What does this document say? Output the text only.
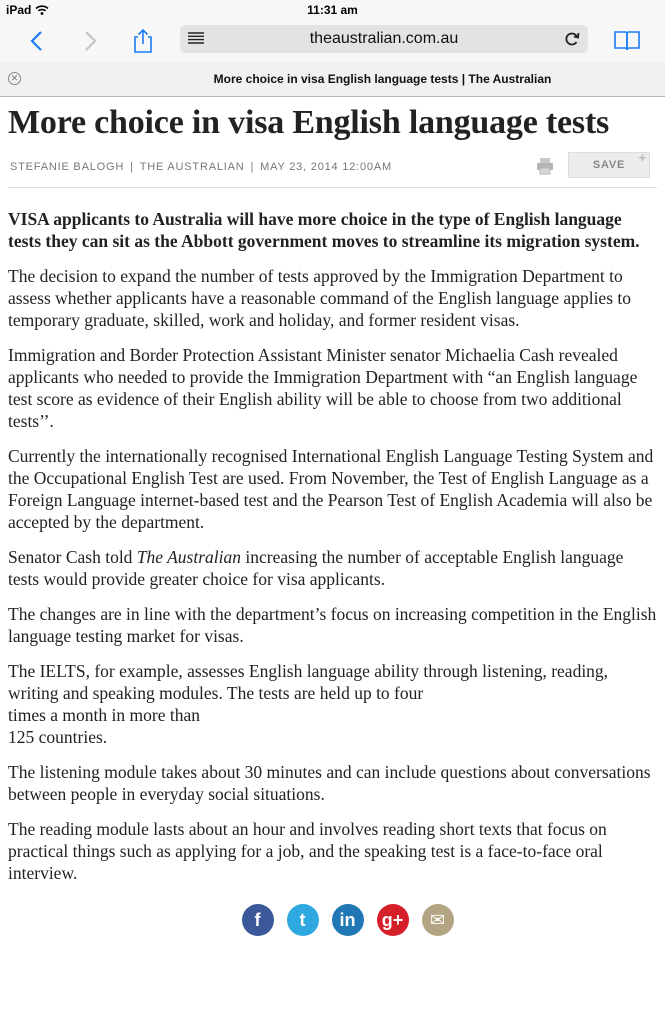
iPad	11:31 am
theaustralian.com.au
✕	More choice in visa English language tests | The Australian
More choice in visa English language tests
STEFANIE BALOGH | THE AUSTRALIAN | MAY 23, 2014 12:00AM	SAVE +

VISA applicants to Australia will have more choice in the type of English language tests they can sit as the Abbott government moves to streamline its migration system.

The decision to expand the number of tests approved by the Immigration Department to assess whether applicants have a reasonable command of the English language applies to temporary graduate, skilled, work and holiday, and former resident visas.

Immigration and Border Protection Assistant Minister senator Michaelia Cash revealed applicants who needed to provide the Immigration Department with “an English language
test score as evidence of their English ability will be able to choose from two additional
tests’’.

Currently the internationally recognised International English Language Testing System and the Occupational English Test are used. From November, the Test of English Language as a Foreign Language internet-based test and the Pearson Test of English Academia will also be accepted by the department.

Senator Cash told The Australian increasing the number of acceptable English language tests would provide greater choice for visa applicants.

The changes are in line with the department’s focus on increasing competition in the English language testing market for visas.

The IELTS, for example, assesses English language ability through listening, reading, writing and speaking modules. The tests are held up to four
times a month in more than
125 countries.

The listening module takes about 30 minutes and can include questions about conversations between people in everyday social situations.

The reading module lasts about an hour and involves reading short texts that focus on practical things such as applying for a job, and the speaking test is a face-to-face oral interview.

f	t	in	g+	✉
